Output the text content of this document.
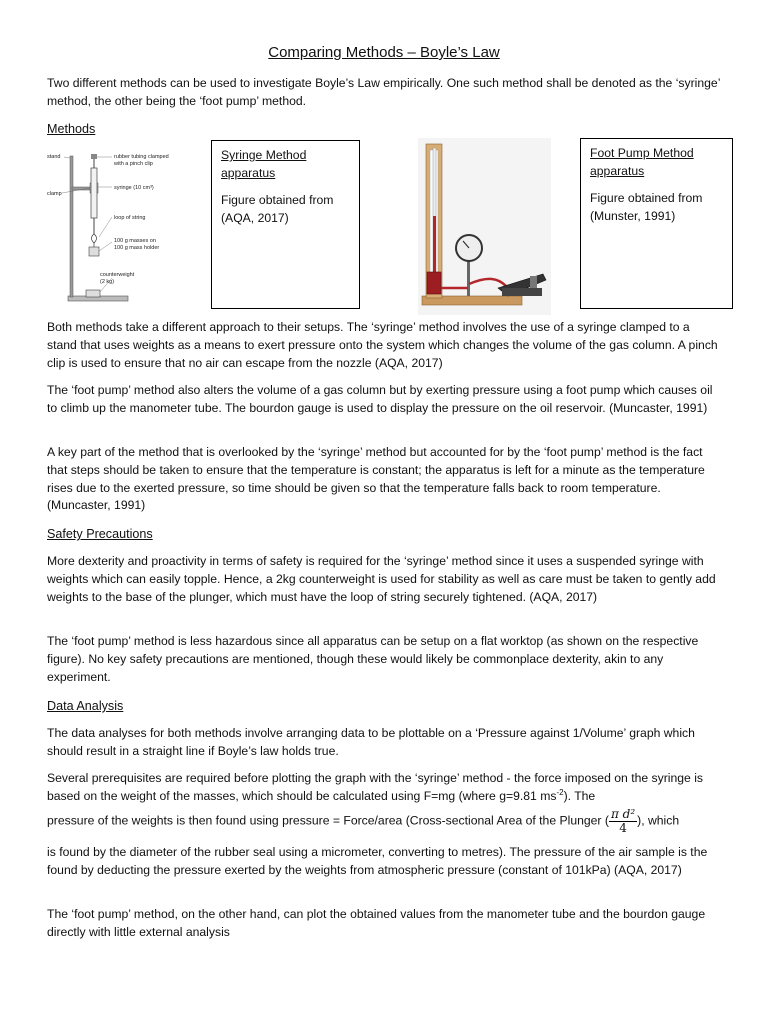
Comparing Methods – Boyle’s Law

Two different methods can be used to investigate Boyle’s Law empirically. One such method shall be denoted as the ‘syringe’ method, the other being the ‘foot pump’ method.

Methods
stand	rubber tubing clamped
with a pinch clip
syringe (10 cm³)
clamp
loop of string
100 g masses on
100 g mass holder
counterweight
(2 kg)
Syringe Method
apparatus
Figure obtained from
(AQA, 2017)
Foot Pump Method
apparatus
Figure obtained from
(Munster, 1991)

Both methods take a different approach to their setups. The ‘syringe’ method involves the use of a syringe clamped to a stand that uses weights as a means to exert pressure onto the system which changes the volume of the gas column. A pinch clip is used to ensure that no air can escape from the nozzle (AQA, 2017)

The ‘foot pump’ method also alters the volume of a gas column but by exerting pressure using a foot pump which causes oil to climb up the manometer tube. The bourdon gauge is used to display the pressure on the oil reservoir. (Muncaster, 1991)

A key part of the method that is overlooked by the ‘syringe’ method but accounted for by the ‘foot pump’ method is the fact that steps should be taken to ensure that the temperature is constant; the apparatus is left for a minute as the temperature rises due to the exerted pressure, so time should be given so that the temperature falls back to room temperature. (Muncaster, 1991)

Safety Precautions

More dexterity and proactivity in terms of safety is required for the ‘syringe’ method since it uses a suspended syringe with weights which can easily topple. Hence, a 2kg counterweight is used for stability as well as care must be taken to gently add weights to the base of the plunger, which must have the loop of string securely tightened. (AQA, 2017)

The ‘foot pump’ method is less hazardous since all apparatus can be setup on a flat worktop (as shown on the respective figure). No key safety precautions are mentioned, though these would likely be commonplace dexterity, akin to any experiment.

Data Analysis

The data analyses for both methods involve arranging data to be plottable on a ‘Pressure against 1/Volume’ graph which should result in a straight line if Boyle’s law holds true.

Several prerequisites are required before plotting the graph with the ‘syringe’ method - the force imposed on the syringe is based on the weight of the masses, which should be calculated using F=mg (where g=9.81 $ms^{-2}$). The

pressure of the weights is then found using pressure = Force/area (Cross-sectional Area of the Plunger ( $\frac{\text{π d²}}{4}$ ), which

is found by the diameter of the rubber seal using a micrometer, converting to metres). The pressure of the air sample is the found by deducting the pressure exerted by the weights from atmospheric pressure (constant of 101kPa) (AQA, 2017)

The ‘foot pump’ method, on the other hand, can plot the obtained values from the manometer tube and the bourdon gauge directly with little external analysis
